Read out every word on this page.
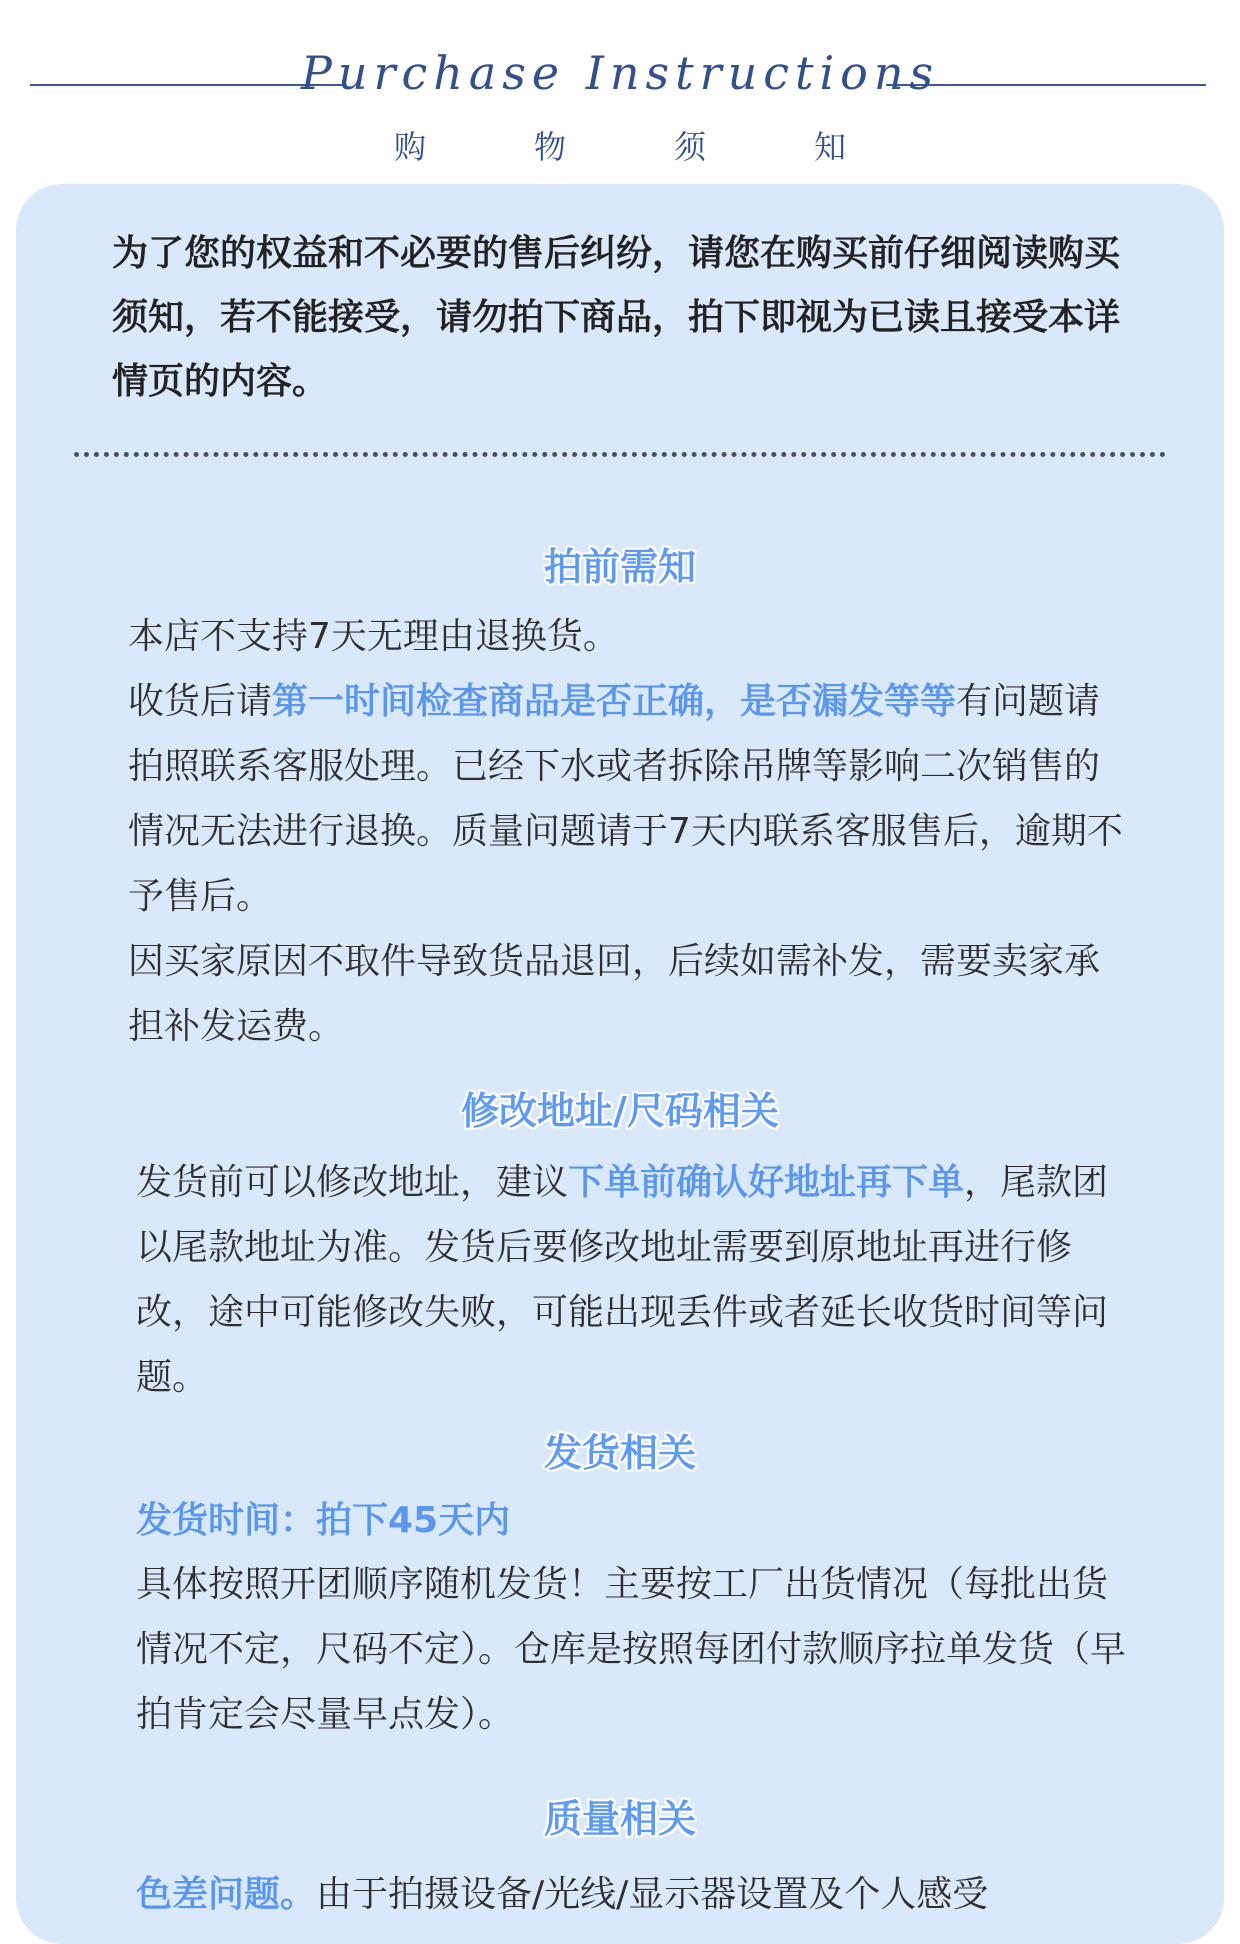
Purchase Instructions
购	物	须	知
为了您的权益和不必要的售后纠纷，请您在购买前仔细阅读购买须知，若不能接受，请勿拍下商品，拍下即视为已读且接受本详情页的内容。
拍前需知
本店不支持7天无理由退换货。
收货后请第一时间检查商品是否正确，是否漏发等等有问题请拍照联系客服处理。已经下水或者拆除吊牌等影响二次销售的情况无法进行退换。质量问题请于7天内联系客服售后，逾期不予售后。
因买家原因不取件导致货品退回，后续如需补发，需要卖家承担补发运费。
修改地址/尺码相关
发货前可以修改地址，建议下单前确认好地址再下单，尾款团以尾款地址为准。发货后要修改地址需要到原地址再进行修改，途中可能修改失败，可能出现丢件或者延长收货时间等问题。
发货相关
发货时间：拍下45天内
具体按照开团顺序随机发货！主要按工厂出货情况（每批出货情况不定，尺码不定）。仓库是按照每团付款顺序拉单发货（早拍肯定会尽量早点发）。
质量相关
色差问题。由于拍摄设备/光线/显示器设置及个人感受
